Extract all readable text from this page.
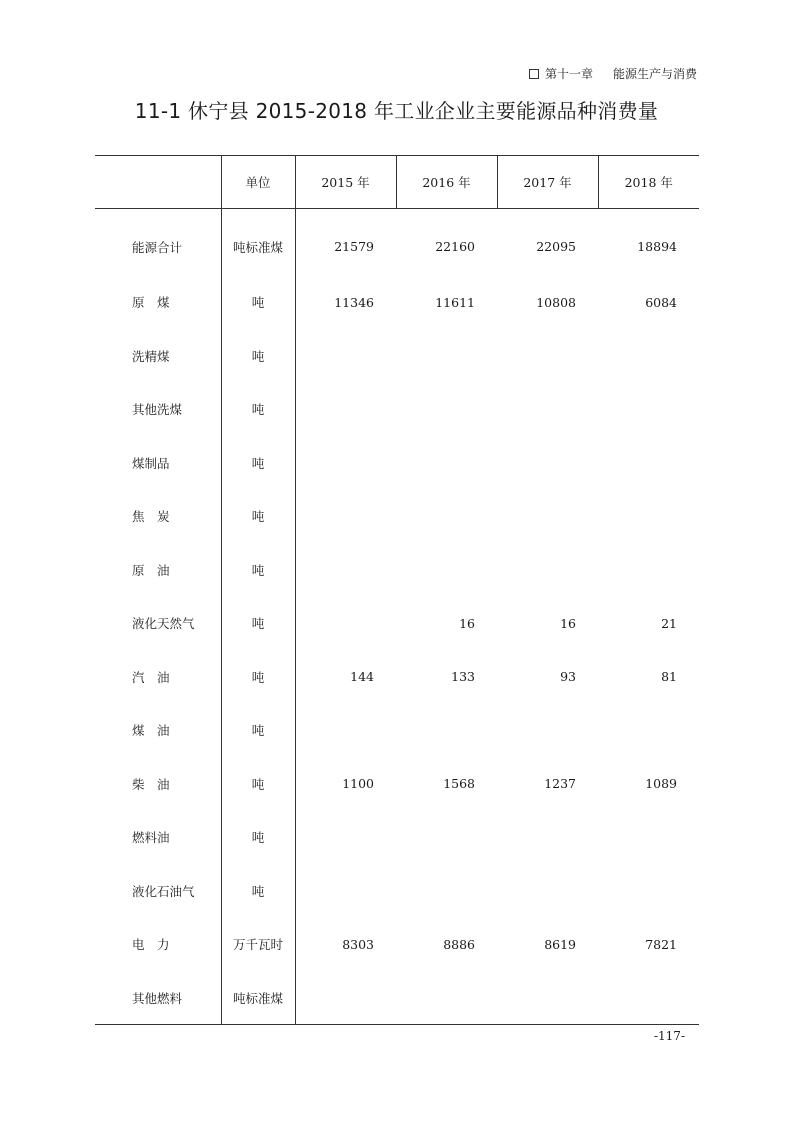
第十一章 能源生产与消费
11-1 休宁县 2015-2018 年工业企业主要能源品种消费量
	单位	2015 年	2016 年	2017 年	2018 年
能源合计	吨标准煤	21579	22160	22095	18894
原　煤	吨	11346	11611	10808	6084
洗精煤	吨				
其他洗煤	吨				
煤制品	吨				
焦　炭	吨				
原　油	吨				
液化天然气	吨		16	16	21
汽　油	吨	144	133	93	81
煤　油	吨				
柴　油	吨	1100	1568	1237	1089
燃料油	吨				
液化石油气	吨				
电　力	万千瓦时	8303	8886	8619	7821
其他燃料	吨标准煤				
-117-
